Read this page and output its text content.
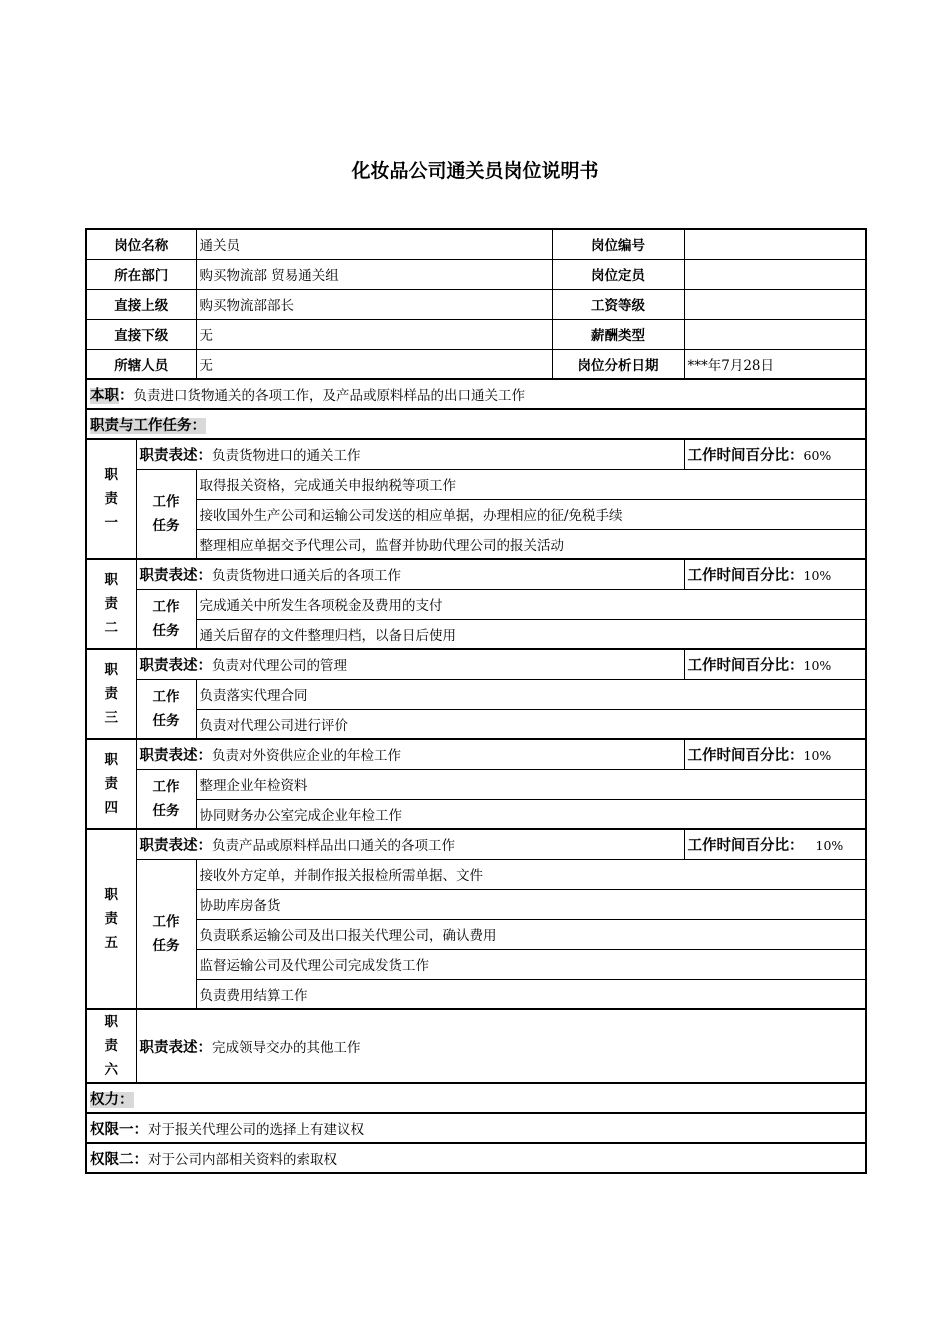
化妆品公司通关员岗位说明书
岗位名称		通关员	岗位编号	
所在部门		购买物流部 贸易通关组	岗位定员	
直接上级		购买物流部部长	工资等级	
直接下级		无	薪酬类型	
所辖人员		无	岗位分析日期	***年7月28日
本职：负责进口货物通关的各项工作，及产品或原料样品的出口通关工作				
职责与工作任务：				

职
责
一	职责表述：负责货物进口的通关工作			工作时间百分比：60%

	工作
任务	取得报关资格，完成通关申报纳税等项工作		
		接收国外生产公司和运输公司发送的相应单据，办理相应的征/免税手续		
		整理相应单据交予代理公司，监督并协助代理公司的报关活动		

职
责
二	职责表述：负责货物进口通关后的各项工作			工作时间百分比：10%

	工作
任务	完成通关中所发生各项税金及费用的支付		
		通关后留存的文件整理归档，以备日后使用		

职
责
三	职责表述：负责对代理公司的管理			工作时间百分比：10%

	工作
任务	负责落实代理合同		
		负责对代理公司进行评价		

职
责
四	职责表述：负责对外资供应企业的年检工作			工作时间百分比：10%

	工作
任务	整理企业年检资料		
		协同财务办公室完成企业年检工作		

职
责
五	职责表述：负责产品或原料样品出口通关的各项工作			工作时间百分比： 10%

	工作
任务	接收外方定单，并制作报关报检所需单据、文件		
		协助库房备货		
		负责联系运输公司及出口报关代理公司，确认费用		
		监督运输公司及代理公司完成发货工作		
		负责费用结算工作		

职
责
六	职责表述：完成领导交办的其他工作			
权力：				
权限一：对于报关代理公司的选择上有建议权				
权限二：对于公司内部相关资料的索取权				
